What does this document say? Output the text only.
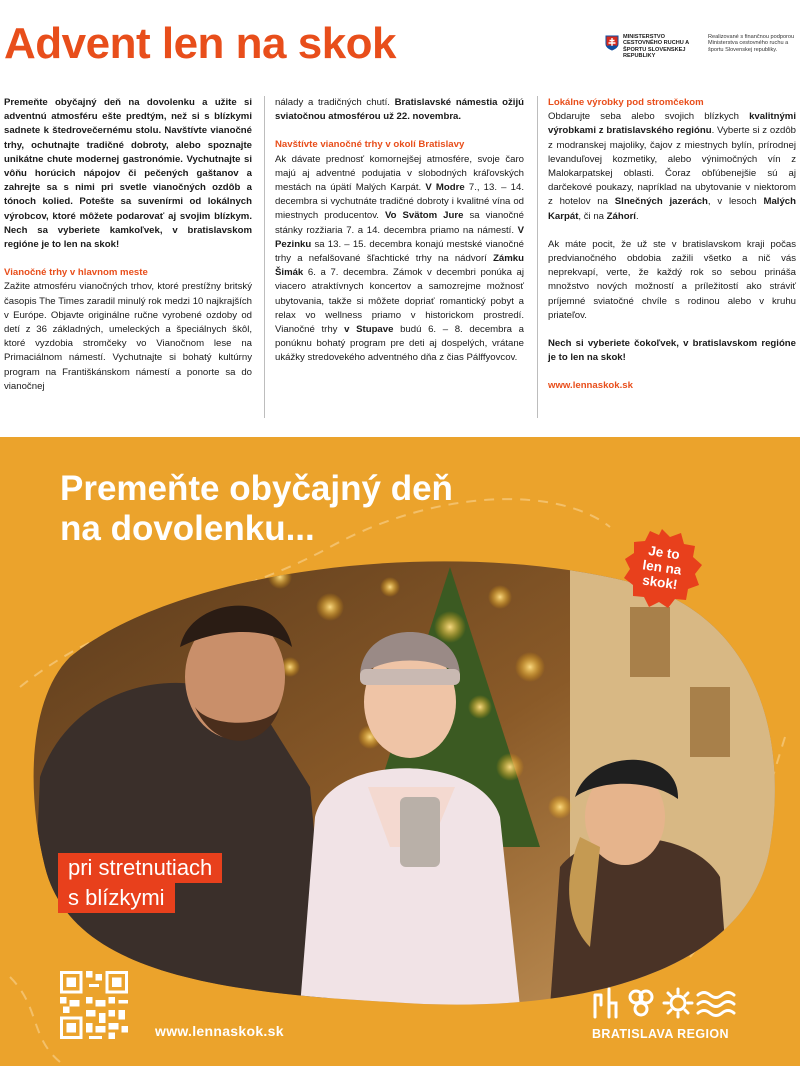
Advent len na skok	MINISTERSTVO CESTOVNÉHO RUCHU A ŠPORTU SLOVENSKEJ REPUBLIKY
Realizované s finančnou podporou Ministerstva cestovného ruchu a športu Slovenskej republiky.

Premeňte obyčajný deň na dovolenku a užite si adventnú atmosféru ešte predtým, než si s blízkymi sadnete k štedrovečernému stolu. Navštívte vianočné trhy, ochutnajte tradičné dobroty, alebo spoznajte unikátne chute modernej gastronómie. Vychutnajte si vôňu horúcich nápojov či pečených gaštanov a zahrejte sa s nimi pri svetle vianočných ozdôb a tónoch kolied. Potešte sa suvenírmi od lokálnych výrobcov, ktoré môžete podarovať aj svojim blízkym. Nech sa vyberiete kamkoľvek, v bratislavskom regióne je to len na skok!

Vianočné trhy v hlavnom meste

Zažite atmosféru vianočných trhov, ktoré prestížny britský časopis The Times zaradil minulý rok medzi 10 najkrajších v Európe. Objavte originálne ručne vyrobené ozdoby od detí z 36 základných, umeleckých a špeciálnych škôl, ktoré vyzdobia stromčeky vo Vianočnom lese na Primaciálnom námestí. Vychutnajte si bohatý kultúrny program na Františkánskom námestí a ponorte sa do vianočnej

nálady a tradičných chutí. Bratislavské námestia ožijú sviatočnou atmosférou už 22. novembra.

Navštívte vianočné trhy v okolí Bratislavy

Ak dávate prednosť komornejšej atmosfére, svoje čaro majú aj adventné podujatia v slobodných kráľovských mestách na úpätí Malých Karpát. V Modre 7., 13. – 14. decembra si vychutnáte tradičné dobroty i kvalitné vína od miestnych producentov. Vo Svätom Jure sa vianočné stánky rozžiaria 7. a 14. decembra priamo na námestí. V Pezinku sa 13. – 15. decembra konajú mestské vianočné trhy a nefalšované šľachtické trhy na nádvorí Zámku Šimák 6. a 7. decembra. Zámok v decembri ponúka aj viacero atraktívnych koncertov a samozrejme možnosť ubytovania, takže si môžete dopriať romantický pobyt a relax vo wellness priamo v historickom prostredí. Vianočné trhy v Stupave budú 6. – 8. decembra a ponúknu bohatý program pre deti aj dospelých, vrátane ukážky stredovekého adventného dňa z čias Pálffyovcov.

Lokálne výrobky pod stromčekom

Obdarujte seba alebo svojich blízkych kvalitnými výrobkami z bratislavského regiónu. Vyberte si z ozdôb z modranskej majoliky, čajov z miestnych bylín, prírodnej levanduľovej kozmetiky, alebo výnimočných vín z Malokarpatskej oblasti. Čoraz obľúbenejšie sú aj darčekové poukazy, napríklad na ubytovanie v niektorom z hotelov na Slnečných jazerách, v lesoch Malých Karpát, či na Záhorí.

Ak máte pocit, že už ste v bratislavskom kraji počas predvianočného obdobia zažili všetko a nič vás neprekvapí, verte, že každý rok so sebou prináša množstvo nových možností a príležitostí ako stráviť príjemné sviatočné chvíle s rodinou alebo v kruhu priateľov.

Nech si vyberiete čokoľvek, v bratislavskom regióne je to len na skok!

www.lennaskok.sk

Premeňte obyčajný deň
na dovolenku...
Je to
len na
skok!
pri stretnutiach
s blízkymi
www.lennaskok.sk	BRATISLAVA REGION
